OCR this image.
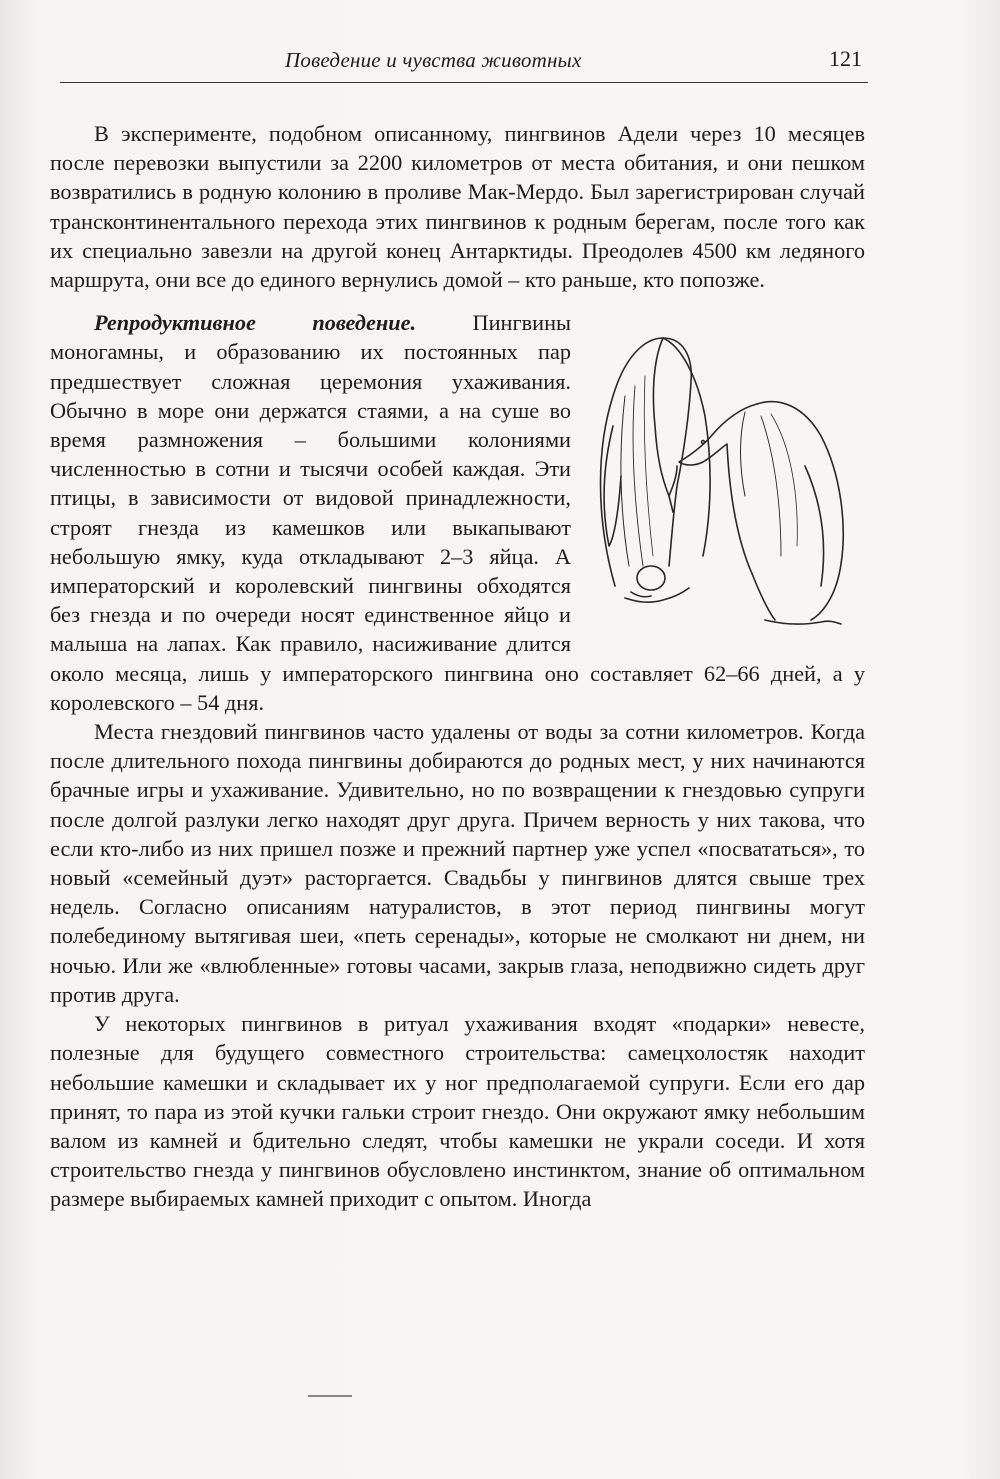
Поведение и чувства животных	121

В эксперименте, подобном описанному, пингвинов Адели через 10 месяцев после перевозки выпустили за 2200 километров от места обитания, и они пешком возвратились в родную колонию в проливе Мак-Мердо. Был зарегистрирован случай трансконтинентального перехода этих пингвинов к родным берегам, после того как их специально завезли на другой конец Антарктиды. Преодолев 4500 км ледяного маршрута, они все до единого вернулись домой – кто раньше, кто попозже.

Репродуктивное поведение.
Пингвины моногамны, и образованию их постоянных пар предшествует сложная церемония ухаживания. Обычно в море они держатся стаями, а на суше во время размножения – большими колониями численностью в сотни и тысячи особей каждая. Эти птицы, в зависимости от видовой принадлежности, строят гнезда из камешков или выкапывают небольшую ямку, куда откладывают 2–3 яйца. А императорский и королевский пингвины обходятся без гнезда и по очереди носят единственное яйцо и малыша на лапах. Как правило, насиживание длится около месяца, лишь у императорского пингвина оно составляет 62–66 дней, а у королевского – 54 дня.

Места гнездовий пингвинов часто удалены от воды за сотни километров. Когда после длительного похода пингвины добираются до родных мест, у них начинаются брачные игры и ухаживание. Удивительно, но по возвращении к гнездовью супруги после долгой разлуки легко находят друг друга. Причем верность у них такова, что если кто-либо из них пришел позже и прежний партнер уже успел «посвататься», то новый «семейный дуэт» расторгается. Свадьбы у пингвинов длятся свыше трех недель. Согласно описаниям натуралистов, в этот период пингвины могут полебединому вытягивая шеи, «петь серенады», которые не смолкают ни днем, ни ночью. Или же «влюбленные» готовы часами, закрыв глаза, неподвижно сидеть друг против друга.

У некоторых пингвинов в ритуал ухаживания входят «подарки» невесте, полезные для будущего совместного строительства: самецхолостяк находит небольшие камешки и складывает их у ног предполагаемой супруги. Если его дар принят, то пара из этой кучки гальки строит гнездо. Они окружают ямку небольшим валом из камней и бдительно следят, чтобы камешки не украли соседи. И хотя строительство гнезда у пингвинов обусловлено инстинктом, знание об оптимальном размере выбираемых камней приходит с опытом. Иногда
